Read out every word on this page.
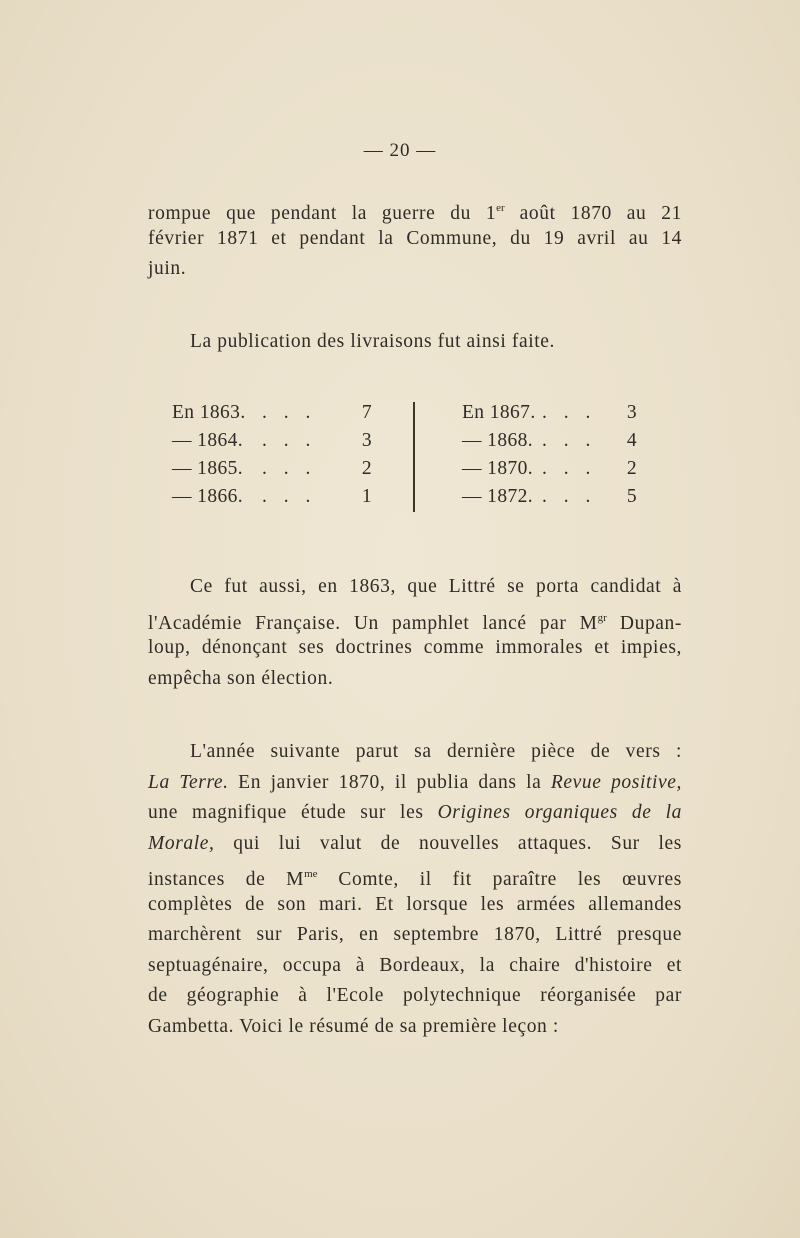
— 20 —
rompue que pendant la guerre du 1er août 1870 au 21
février 1871 et pendant la Commune, du 19 avril au 14
juin.
La publication des livraisons fut ainsi faite.
En 1863. . . .	7
— 1864. . . .	3
— 1865. . . .	2
— 1866. . . .	1
En 1867. . . .	3
— 1868. . . .	4
— 1870. . . .	2
— 1872. . . .	5
Ce fut aussi, en 1863, que Littré se porta candidat à
l'Académie Française. Un pamphlet lancé par $M^{gr}$ Dupan-
loup, dénonçant ses doctrines comme immorales et impies,
empêcha son élection.
L'année suivante parut sa dernière pièce de vers :
La Terre. En janvier 1870, il publia dans la Revue positive,
une magnifique étude sur les Origines organiques de la
Morale, qui lui valut de nouvelles attaques. Sur les
instances de $M^{me}$ Comte, il fit paraître les œuvres
complètes de son mari. Et lorsque les armées allemandes
marchèrent sur Paris, en septembre 1870, Littré presque
septuagénaire, occupa à Bordeaux, la chaire d'histoire et
de géographie à l'Ecole polytechnique réorganisée par
Gambetta. Voici le résumé de sa première leçon :
